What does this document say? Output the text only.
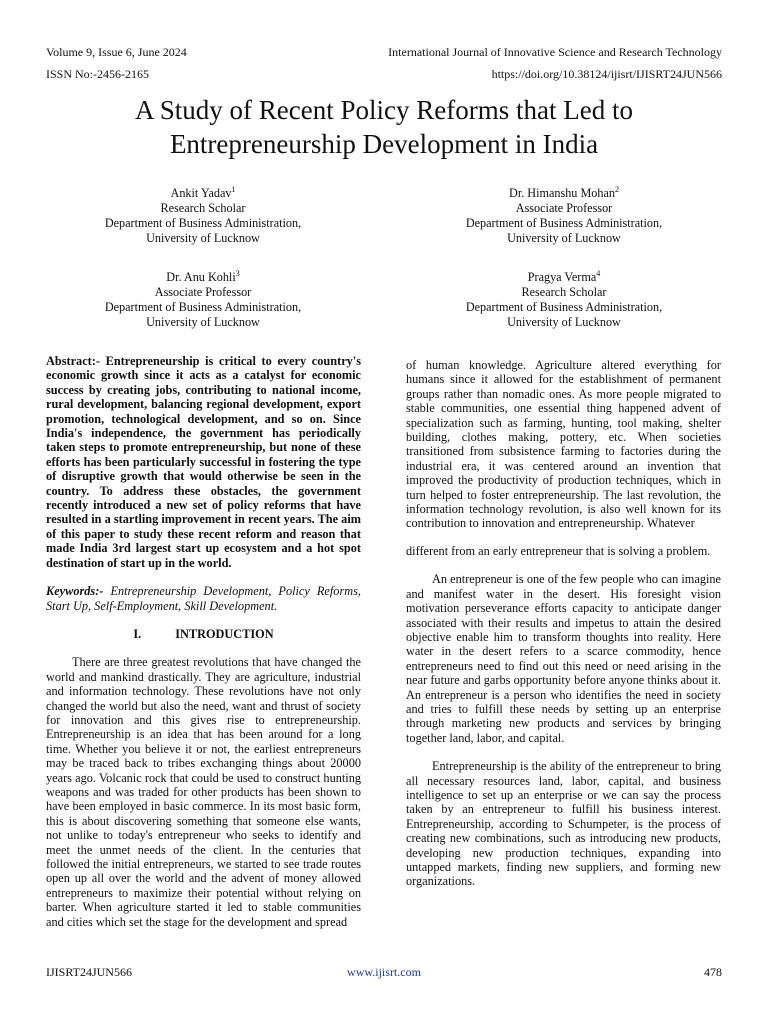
Volume 9, Issue 6, June 2024
ISSN No:-2456-2165
International Journal of Innovative Science and Research Technology
https://doi.org/10.38124/ijisrt/IJISRT24JUN566
A Study of Recent Policy Reforms that Led to
Entrepreneurship Development in India
Ankit Yadav$^1$
Research Scholar
Department of Business Administration,
University of Lucknow
Dr. Himanshu Mohan$^2$
Associate Professor
Department of Business Administration,
University of Lucknow
Dr. Anu Kohli$^3$
Associate Professor
Department of Business Administration,
University of Lucknow
Pragya Verma$^4$
Research Scholar
Department of Business Administration,
University of Lucknow

Abstract:- Entrepreneurship is critical to every country's economic growth since it acts as a catalyst for economic success by creating jobs, contributing to national income, rural development, balancing regional development, export promotion, technological development, and so on. Since India's independence, the government has periodically taken steps to promote entrepreneurship, but none of these efforts has been particularly successful in fostering the type of disruptive growth that would otherwise be seen in the country. To address these obstacles, the government recently introduced a new set of policy reforms that have resulted in a startling improvement in recent years. The aim of this paper to study these recent reform and reason that made India 3rd largest start up ecosystem and a hot spot destination of start up in the world.

Keywords:- Entrepreneurship Development, Policy Reforms, Start Up, Self-Employment, Skill Development.

I.	INTRODUCTION

There are three greatest revolutions that have changed the world and mankind drastically. They are agriculture, industrial and information technology. These revolutions have not only changed the world but also the need, want and thrust of society for innovation and this gives rise to entrepreneurship. Entrepreneurship is an idea that has been around for a long time. Whether you believe it or not, the earliest entrepreneurs may be traced back to tribes exchanging things about 20000 years ago. Volcanic rock that could be used to construct hunting weapons and was traded for other products has been shown to have been employed in basic commerce. In its most basic form, this is about discovering something that someone else wants, not unlike to today's entrepreneur who seeks to identify and meet the unmet needs of the client. In the centuries that followed the initial entrepreneurs, we started to see trade routes open up all over the world and the advent of money allowed entrepreneurs to maximize their potential without relying on barter. When agriculture started it led to stable communities and cities which set the stage for the development and spread

of human knowledge. Agriculture altered everything for humans since it allowed for the establishment of permanent groups rather than nomadic ones. As more people migrated to stable communities, one essential thing happened advent of specialization such as farming, hunting, tool making, shelter building, clothes making, pottery, etc. When societies transitioned from subsistence farming to factories during the industrial era, it was centered around an invention that improved the productivity of production techniques, which in turn helped to foster entrepreneurship. The last revolution, the information technology revolution, is also well known for its contribution to innovation and entrepreneurship. Whatever

different from an early entrepreneur that is solving a problem.

An entrepreneur is one of the few people who can imagine and manifest water in the desert. His foresight vision motivation perseverance efforts capacity to anticipate danger associated with their results and impetus to attain the desired objective enable him to transform thoughts into reality. Here water in the desert refers to a scarce commodity, hence entrepreneurs need to find out this need or need arising in the near future and garbs opportunity before anyone thinks about it. An entrepreneur is a person who identifies the need in society and tries to fulfill these needs by setting up an enterprise through marketing new products and services by bringing together land, labor, and capital.

Entrepreneurship is the ability of the entrepreneur to bring all necessary resources land, labor, capital, and business intelligence to set up an enterprise or we can say the process taken by an entrepreneur to fulfill his business interest. Entrepreneurship, according to Schumpeter, is the process of creating new combinations, such as introducing new products, developing new production techniques, expanding into untapped markets, finding new suppliers, and forming new organizations.

IJISRT24JUN566	www.ijisrt.com	478
